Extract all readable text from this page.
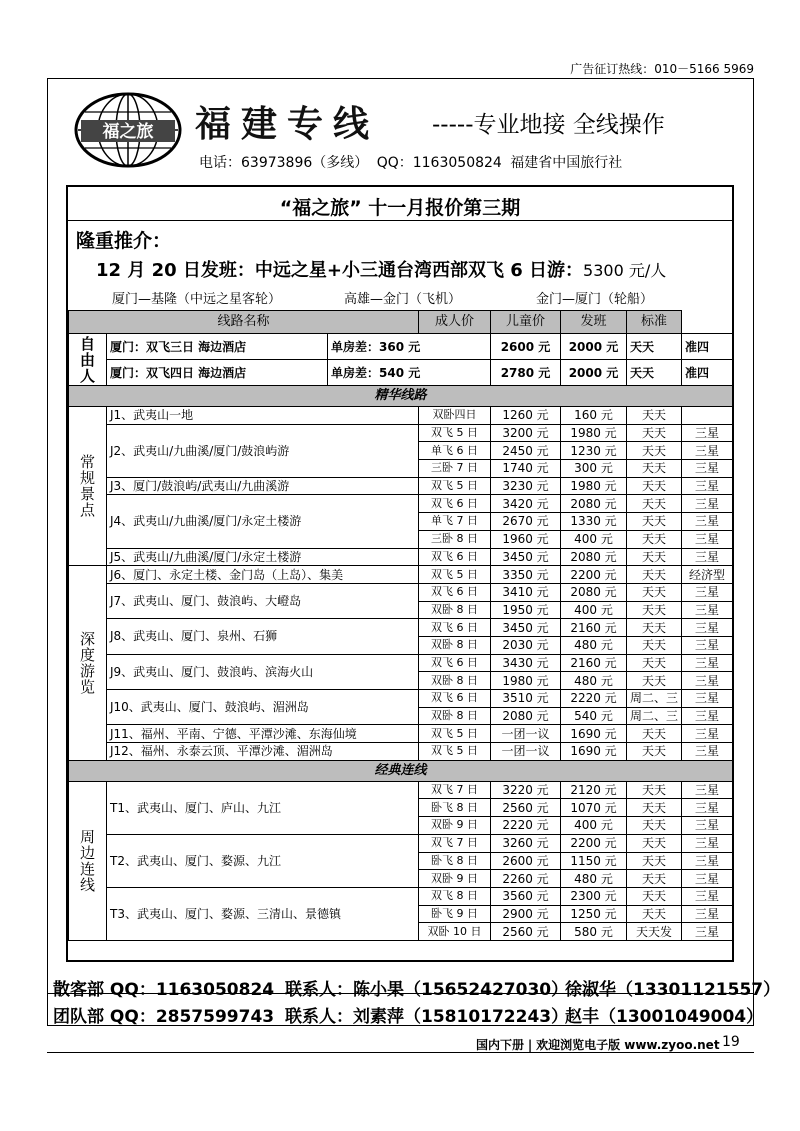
广告征订热线：010－5166 5969
福之旅 福建专线 -----专业地接 全线操作
电话：63973896（多线） QQ：1163050824 福建省中国旅行社
“福之旅” 十一月报价第三期
隆重推介：
12 月 20 日发班：中远之星+小三通台湾西部双飞 6 日游：5300 元/人
厦门—基隆（中远之星客轮）	高雄—金门（飞机）	金门—厦门（轮船）
线路名称			成人价	儿童价	发班	标准	
自由人	厦门：双飞三日 海边酒店	单房差：360 元		2600 元	2000 元	天天	准四
	厦门：双飞四日 海边酒店	单房差：540 元		2780 元	2000 元	天天	准四
精华线路							
常规景点	J1、武夷山一地		双卧四日	1260 元	160 元	天天	
	J2、武夷山/九曲溪/厦门/鼓浪屿游		双飞 5 日	3200 元	1980 元	天天	三星
			单飞 6 日	2450 元	1230 元	天天	三星
			三卧 7 日	1740 元	300 元	天天	三星
	J3、厦门/鼓浪屿/武夷山/九曲溪游		双飞 5 日	3230 元	1980 元	天天	三星
	J4、武夷山/九曲溪/厦门/永定土楼游		双飞 6 日	3420 元	2080 元	天天	三星
			单飞 7 日	2670 元	1330 元	天天	三星
			三卧 8 日	1960 元	400 元	天天	三星
	J5、武夷山/九曲溪/厦门/永定土楼游		双飞 6 日	3450 元	2080 元	天天	三星
深度游览	J6、厦门、永定土楼、金门岛（上岛）、集美		双飞 5 日	3350 元	2200 元	天天	经济型
	J7、武夷山、厦门、鼓浪屿、大嶝岛		双飞 6 日	3410 元	2080 元	天天	三星
			双卧 8 日	1950 元	400 元	天天	三星
	J8、武夷山、厦门、泉州、石狮		双飞 6 日	3450 元	2160 元	天天	三星
			双卧 8 日	2030 元	480 元	天天	三星
	J9、武夷山、厦门、鼓浪屿、滨海火山		双飞 6 日	3430 元	2160 元	天天	三星
			双卧 8 日	1980 元	480 元	天天	三星
	J10、武夷山、厦门、鼓浪屿、湄洲岛		双飞 6 日	3510 元	2220 元	周二、三	三星
			双卧 8 日	2080 元	540 元	周二、三	三星
	J11、福州、平南、宁德、平潭沙滩、东海仙境		双飞 5 日	一团一议	1690 元	天天	三星
	J12、福州、永泰云顶、平潭沙滩、湄洲岛		双飞 5 日	一团一议	1690 元	天天	三星
经典连线							
周边连线	T1、武夷山、厦门、庐山、九江		双飞 7 日	3220 元	2120 元	天天	三星
			卧飞 8 日	2560 元	1070 元	天天	三星
			双卧 9 日	2220 元	400 元	天天	三星
	T2、武夷山、厦门、婺源、九江		双飞 7 日	3260 元	2200 元	天天	三星
			卧飞 8 日	2600 元	1150 元	天天	三星
			双卧 9 日	2260 元	480 元	天天	三星
	T3、武夷山、厦门、婺源、三清山、景德镇		双飞 8 日	3560 元	2300 元	天天	三星
			卧飞 9 日	2900 元	1250 元	天天	三星
			双卧 10 日	2560 元	580 元	天天发	三星
散客部 QQ：1163050824 联系人：陈小果（15652427030）
徐淑华（13301121557）
团队部 QQ：2857599743 联系人：刘素萍（15810172243）
赵丰（13001049004）
国内下册 | 欢迎浏览电子版 www.zyoo.net 19
